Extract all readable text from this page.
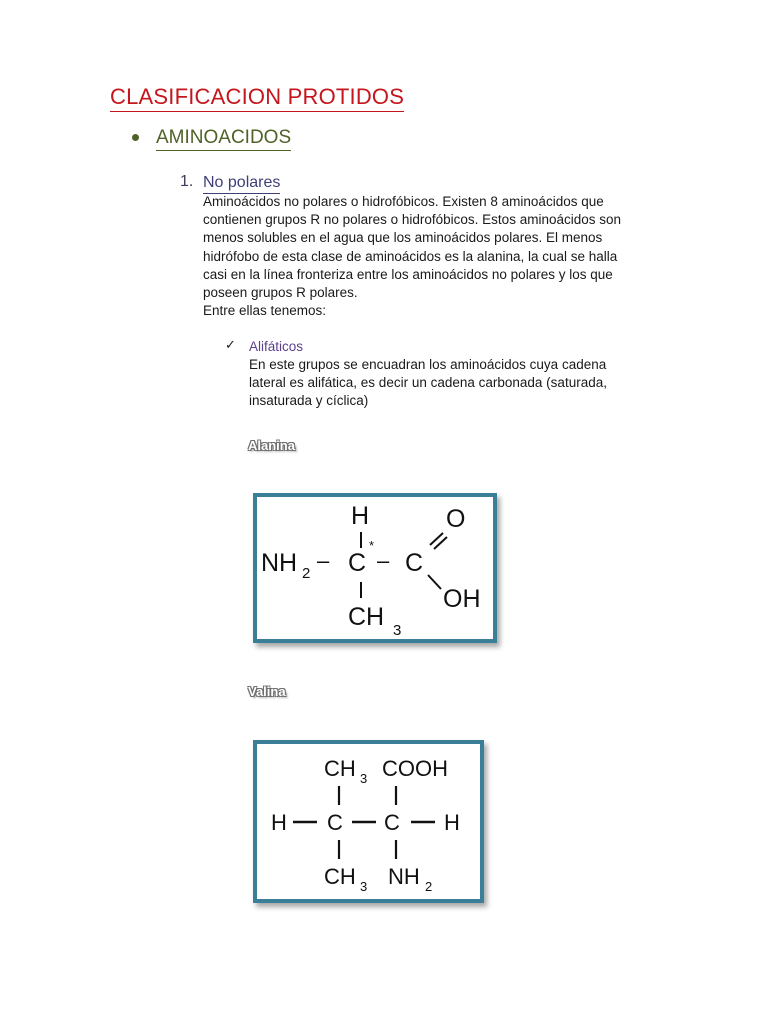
CLASIFICACION PROTIDOS
AMINOACIDOS
1. No polares
Aminoácidos no polares o hidrofóbicos. Existen 8 aminoácidos que
contienen grupos R no polares o hidrofóbicos. Estos aminoácidos son
menos solubles en el agua que los aminoácidos polares. El menos
hidrófobo de esta clase de aminoácidos es la alanina, la cual se halla
casi en la línea fronteriza entre los aminoácidos no polares y los que
poseen grupos R polares.
Entre ellas tenemos:
✓ Alifáticos
En este grupos se encuadran los aminoácidos cuya cadena
lateral es alifática, es decir un cadena carbonada (saturada,
insaturada y cíclica)
Alanina
H	O
NH 2
– C
*
– C
OH
CH 3
Valina
CH 3 COOH
H C C H
CH 3 NH 2
